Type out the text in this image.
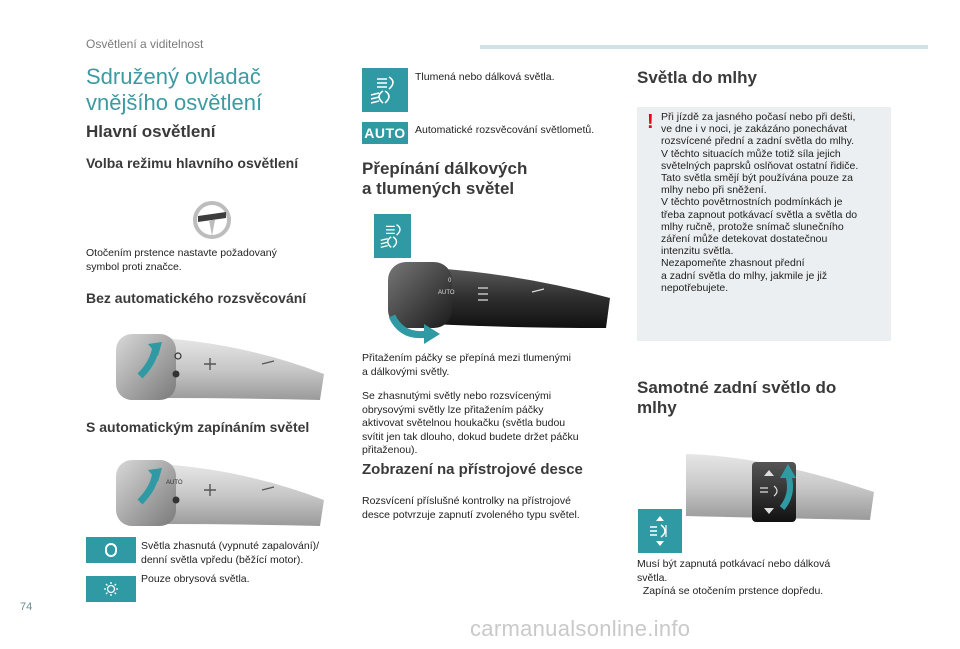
Osvětlení a viditelnost
Sdružený ovladač
vnějšího osvětlení
Hlavní osvětlení
Volba režimu hlavního osvětlení
Otočením prstence nastavte požadovaný
symbol proti značce.
Bez automatického rozsvěcování
S automatickým zapínáním světel
AUTO
Světla zhasnutá (vypnuté zapalování)/
denní světla vpředu (běžící motor).
Pouze obrysová světla.
Tlumená nebo dálková světla.
AUTO Automatické rozsvěcování světlometů.
Přepínání dálkových
a tlumených světel
AUTO
0
Přitažením páčky se přepíná mezi tlumenými
a dálkovými světly.
Se zhasnutými světly nebo rozsvícenými
obrysovými světly lze přitažením páčky
aktivovat světelnou houkačku (světla budou
svítit jen tak dlouho, dokud budete držet páčku
přitaženou).
Zobrazení na přístrojové desce
Rozsvícení příslušné kontrolky na přístrojové
desce potvrzuje zapnutí zvoleného typu světel.
Světla do mlhy
! Při jízdě za jasného počasí nebo při dešti,
ve dne i v noci, je zakázáno ponechávat
rozsvícené přední a zadní světla do mlhy.
V těchto situacích může totiž síla jejich
světelných paprsků oslňovat ostatní řidiče.
Tato světla smějí být používána pouze za
mlhy nebo při sněžení.
V těchto povětrnostních podmínkách je
třeba zapnout potkávací světla a světla do
mlhy ručně, protože snímač slunečního
záření může detekovat dostatečnou
intenzitu světla.
Nezapomeňte zhasnout přední
a zadní světla do mlhy, jakmile je již
nepotřebujete.
Samotné zadní světlo do
mlhy
Musí být zapnutá potkávací nebo dálková
světla.
Zapíná se otočením prstence dopředu.
74
carmanualsonline.info
